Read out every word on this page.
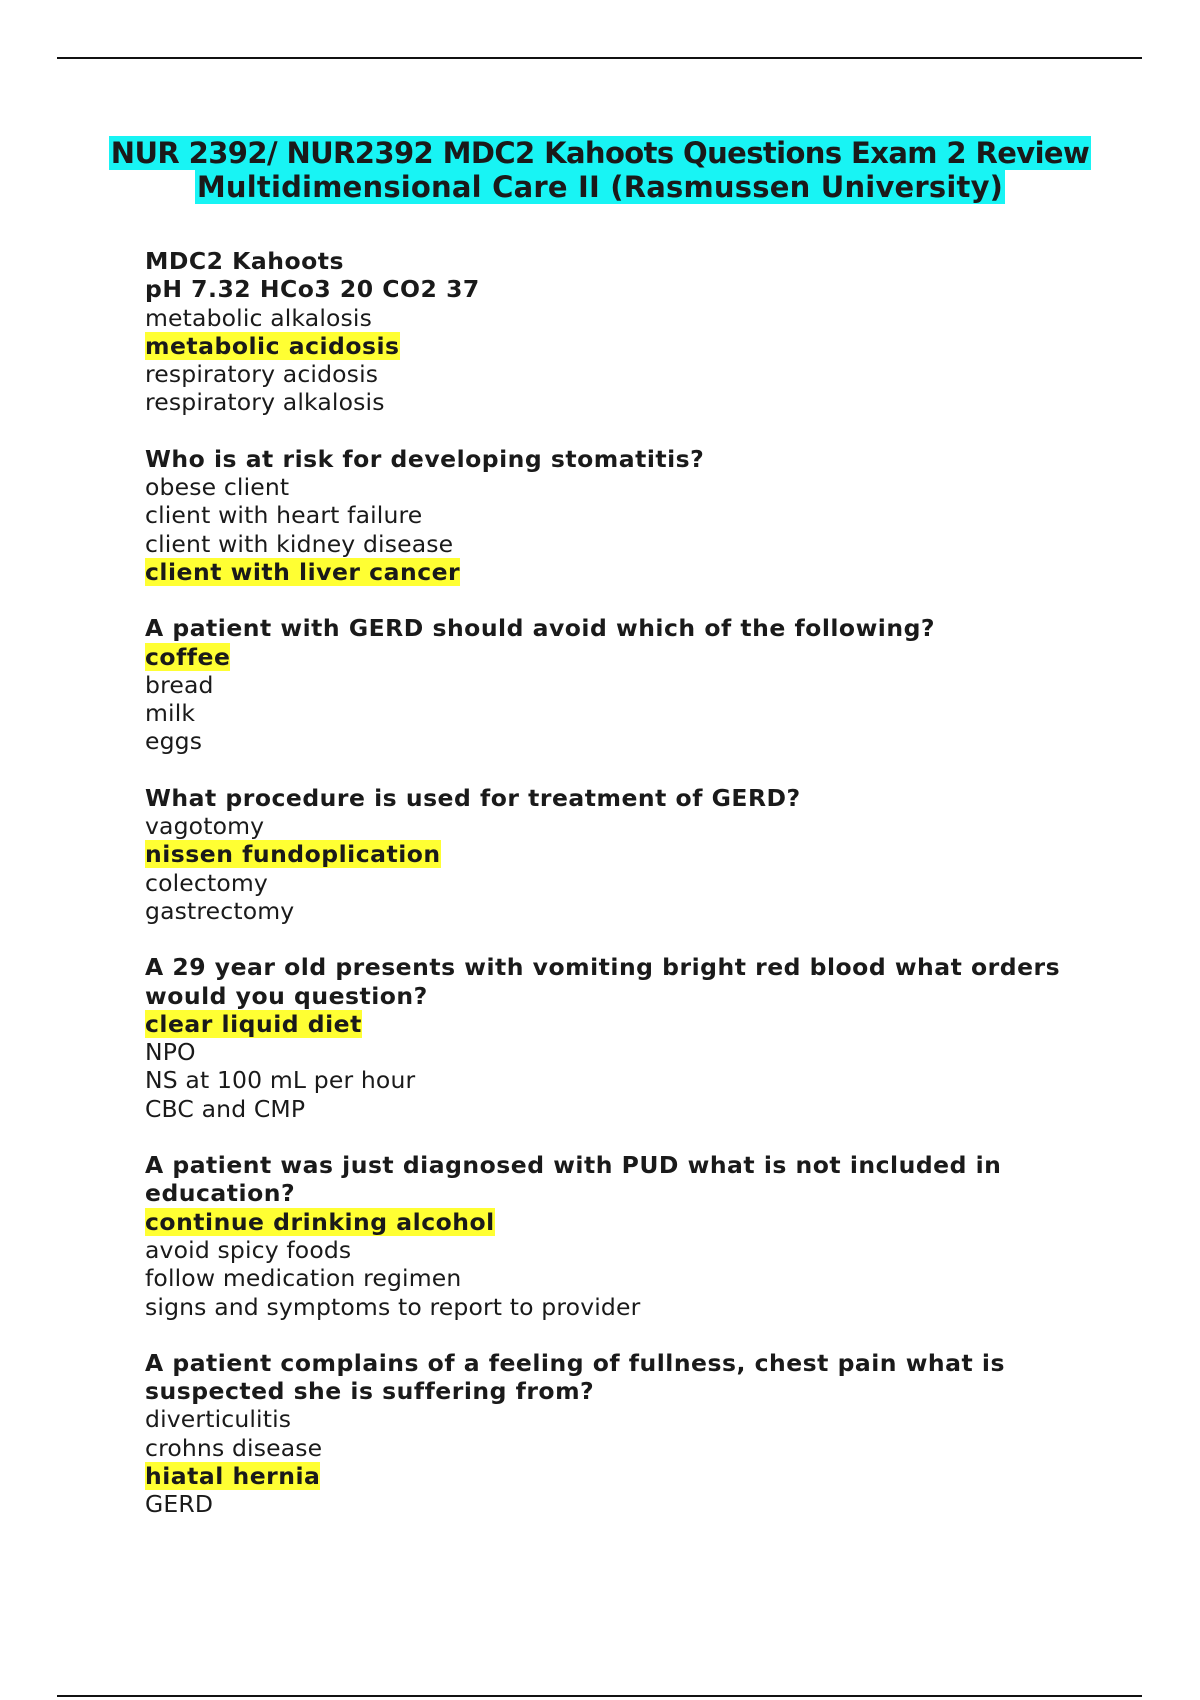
NUR 2392/ NUR2392 MDC2 Kahoots Questions Exam 2 Review
Multidimensional Care II (Rasmussen University)
MDC2 Kahoots
pH 7.32 HCo3 20 CO2 37
metabolic alkalosis
metabolic acidosis
respiratory acidosis
respiratory alkalosis
Who is at risk for developing stomatitis?
obese client
client with heart failure
client with kidney disease
client with liver cancer
A patient with GERD should avoid which of the following?
coffee
bread
milk
eggs
What procedure is used for treatment of GERD?
vagotomy
nissen fundoplication
colectomy
gastrectomy
A 29 year old presents with vomiting bright red blood what orders would you question?
clear liquid diet
NPO
NS at 100 mL per hour
CBC and CMP
A patient was just diagnosed with PUD what is not included in education?
continue drinking alcohol
avoid spicy foods
follow medication regimen
signs and symptoms to report to provider
A patient complains of a feeling of fullness, chest pain what is suspected she is suffering from?
diverticulitis
crohns disease
hiatal hernia
GERD
